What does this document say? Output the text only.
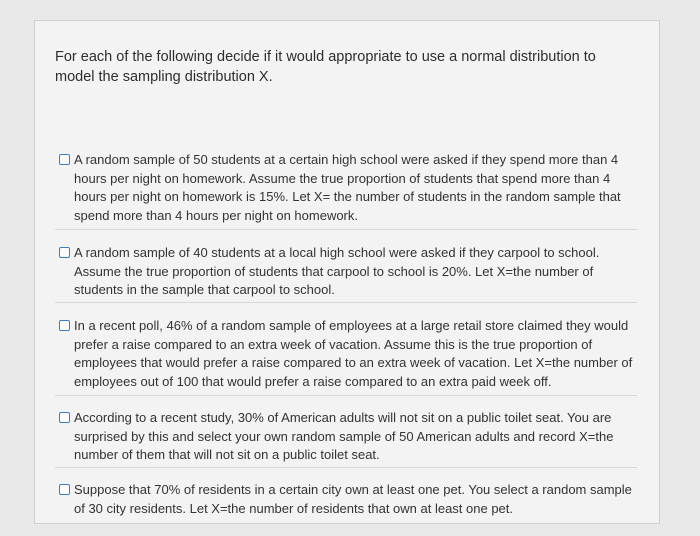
For each of the following decide if it would appropriate to use a normal distribution to model the sampling distribution X.
A random sample of 50 students at a certain high school were asked if they spend more than 4 hours per night on homework. Assume the true proportion of students that spend more than 4 hours per night on homework is 15%. Let X= the number of students in the random sample that spend more than 4 hours per night on homework.
A random sample of 40 students at a local high school were asked if they carpool to school. Assume the true proportion of students that carpool to school is 20%. Let X=the number of students in the sample that carpool to school.
In a recent poll, 46% of a random sample of employees at a large retail store claimed they would prefer a raise compared to an extra week of vacation. Assume this is the true proportion of employees that would prefer a raise compared to an extra week of vacation. Let X=the number of employees out of 100 that would prefer a raise compared to an extra paid week off.
According to a recent study, 30% of American adults will not sit on a public toilet seat. You are surprised by this and select your own random sample of 50 American adults and record X=the number of them that will not sit on a public toilet seat.
Suppose that 70% of residents in a certain city own at least one pet. You select a random sample of 30 city residents. Let X=the number of residents that own at least one pet.
